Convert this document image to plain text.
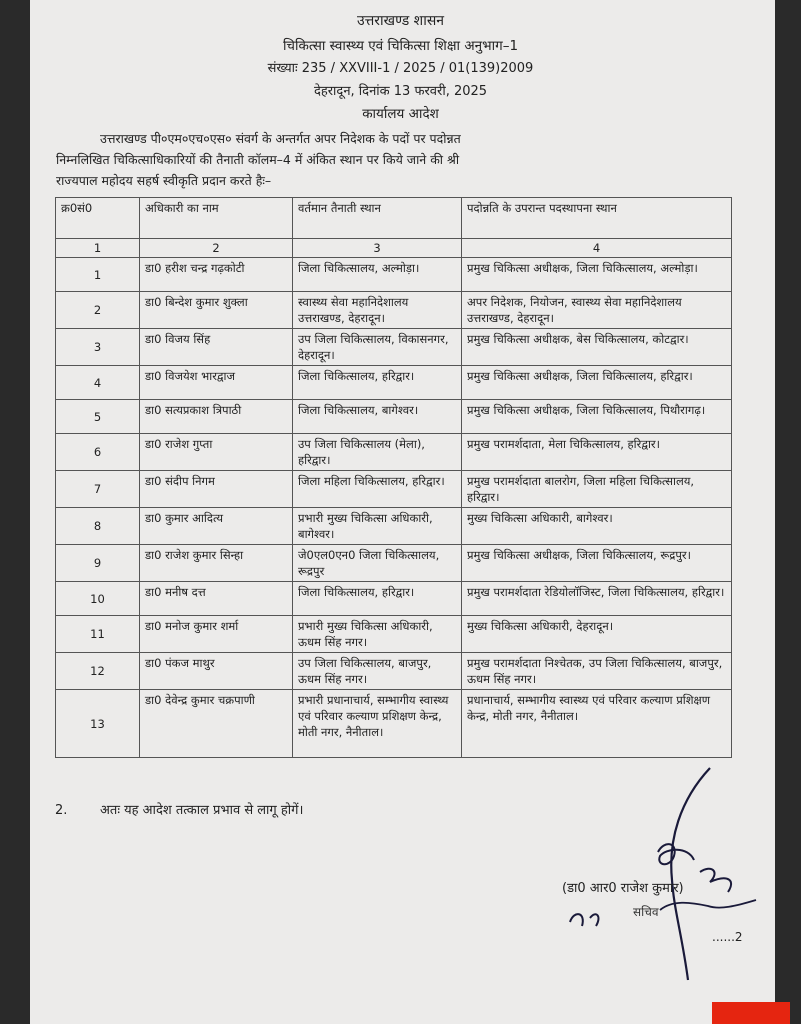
उत्तराखण्ड शासन
चिकित्सा स्वास्थ्य एवं चिकित्सा शिक्षा अनुभाग–1
संख्याः 235 / XXVIII-1 / 2025 / 01(139)2009
देहरादून, दिनांक 13 फरवरी, 2025
कार्यालय आदेश
उत्तराखण्ड पी०एम०एच०एस० संवर्ग के अन्तर्गत अपर निदेशक के पदों पर पदोन्नत
निम्नलिखित चिकित्साधिकारियों की तैनाती कॉलम–4 में अंकित स्थान पर किये जाने की श्री
राज्यपाल महोदय सहर्ष स्वीकृति प्रदान करते हैः–
क्र0सं0	अधिकारी का नाम	वर्तमान तैनाती स्थान	पदोन्नति के उपरान्त पदस्थापना स्थान
1	2	3	4
1	डा0 हरीश चन्द्र गढ़कोटी	जिला चिकित्सालय, अल्मोड़ा।	प्रमुख चिकित्सा अधीक्षक, जिला चिकित्सालय, अल्मोड़ा।
2	डा0 बिन्देश कुमार शुक्ला	स्वास्थ्य सेवा महानिदेशालय उत्तराखण्ड, देहरादून।	अपर निदेशक, नियोजन, स्वास्थ्य सेवा महानिदेशालय उत्तराखण्ड, देहरादून।
3	डा0 विजय सिंह	उप जिला चिकित्सालय, विकासनगर, देहरादून।	प्रमुख चिकित्सा अधीक्षक, बेस चिकित्सालय, कोटद्वार।
4	डा0 विजयेश भारद्वाज	जिला चिकित्सालय, हरिद्वार।	प्रमुख चिकित्सा अधीक्षक, जिला चिकित्सालय, हरिद्वार।
5	डा0 सत्यप्रकाश त्रिपाठी	जिला चिकित्सालय, बागेश्वर।	प्रमुख चिकित्सा अधीक्षक, जिला चिकित्सालय, पिथौरागढ़।
6	डा0 राजेश गुप्ता	उप जिला चिकित्सालय (मेला), हरिद्वार।	प्रमुख परामर्शदाता, मेला चिकित्सालय, हरिद्वार।
7	डा0 संदीप निगम	जिला महिला चिकित्सालय, हरिद्वार।	प्रमुख परामर्शदाता बालरोग, जिला महिला चिकित्सालय, हरिद्वार।
8	डा0 कुमार आदित्य	प्रभारी मुख्य चिकित्सा अधिकारी, बागेश्वर।	मुख्य चिकित्सा अधिकारी, बागेश्वर।
9	डा0 राजेश कुमार सिन्हा	जे0एल0एन0 जिला चिकित्सालय, रूद्रपुर	प्रमुख चिकित्सा अधीक्षक, जिला चिकित्सालय, रूद्रपुर।
10	डा0 मनीष दत्त	जिला चिकित्सालय, हरिद्वार।	प्रमुख परामर्शदाता रेडियोलॉजिस्ट, जिला चिकित्सालय, हरिद्वार।
11	डा0 मनोज कुमार शर्मा	प्रभारी मुख्य चिकित्सा अधिकारी, ऊधम सिंह नगर।	मुख्य चिकित्सा अधिकारी, देहरादून।
12	डा0 पंकज माथुर	उप जिला चिकित्सालय, बाजपुर, ऊधम सिंह नगर।	प्रमुख परामर्शदाता निश्चेतक, उप जिला चिकित्सालय, बाजपुर, ऊधम सिंह नगर।
13	डा0 देवेन्द्र कुमार चक्रपाणी	प्रभारी प्रधानाचार्य, सम्भागीय स्वास्थ्य एवं परिवार कल्याण प्रशिक्षण केन्द्र, मोती नगर, नैनीताल।	प्रधानाचार्य, सम्भागीय स्वास्थ्य एवं परिवार कल्याण प्रशिक्षण केन्द्र, मोती नगर, नैनीताल।
2.	अतः यह आदेश तत्काल प्रभाव से लागू होगें।
(डा0 आर0 राजेश कुमार)
सचिव
......2
